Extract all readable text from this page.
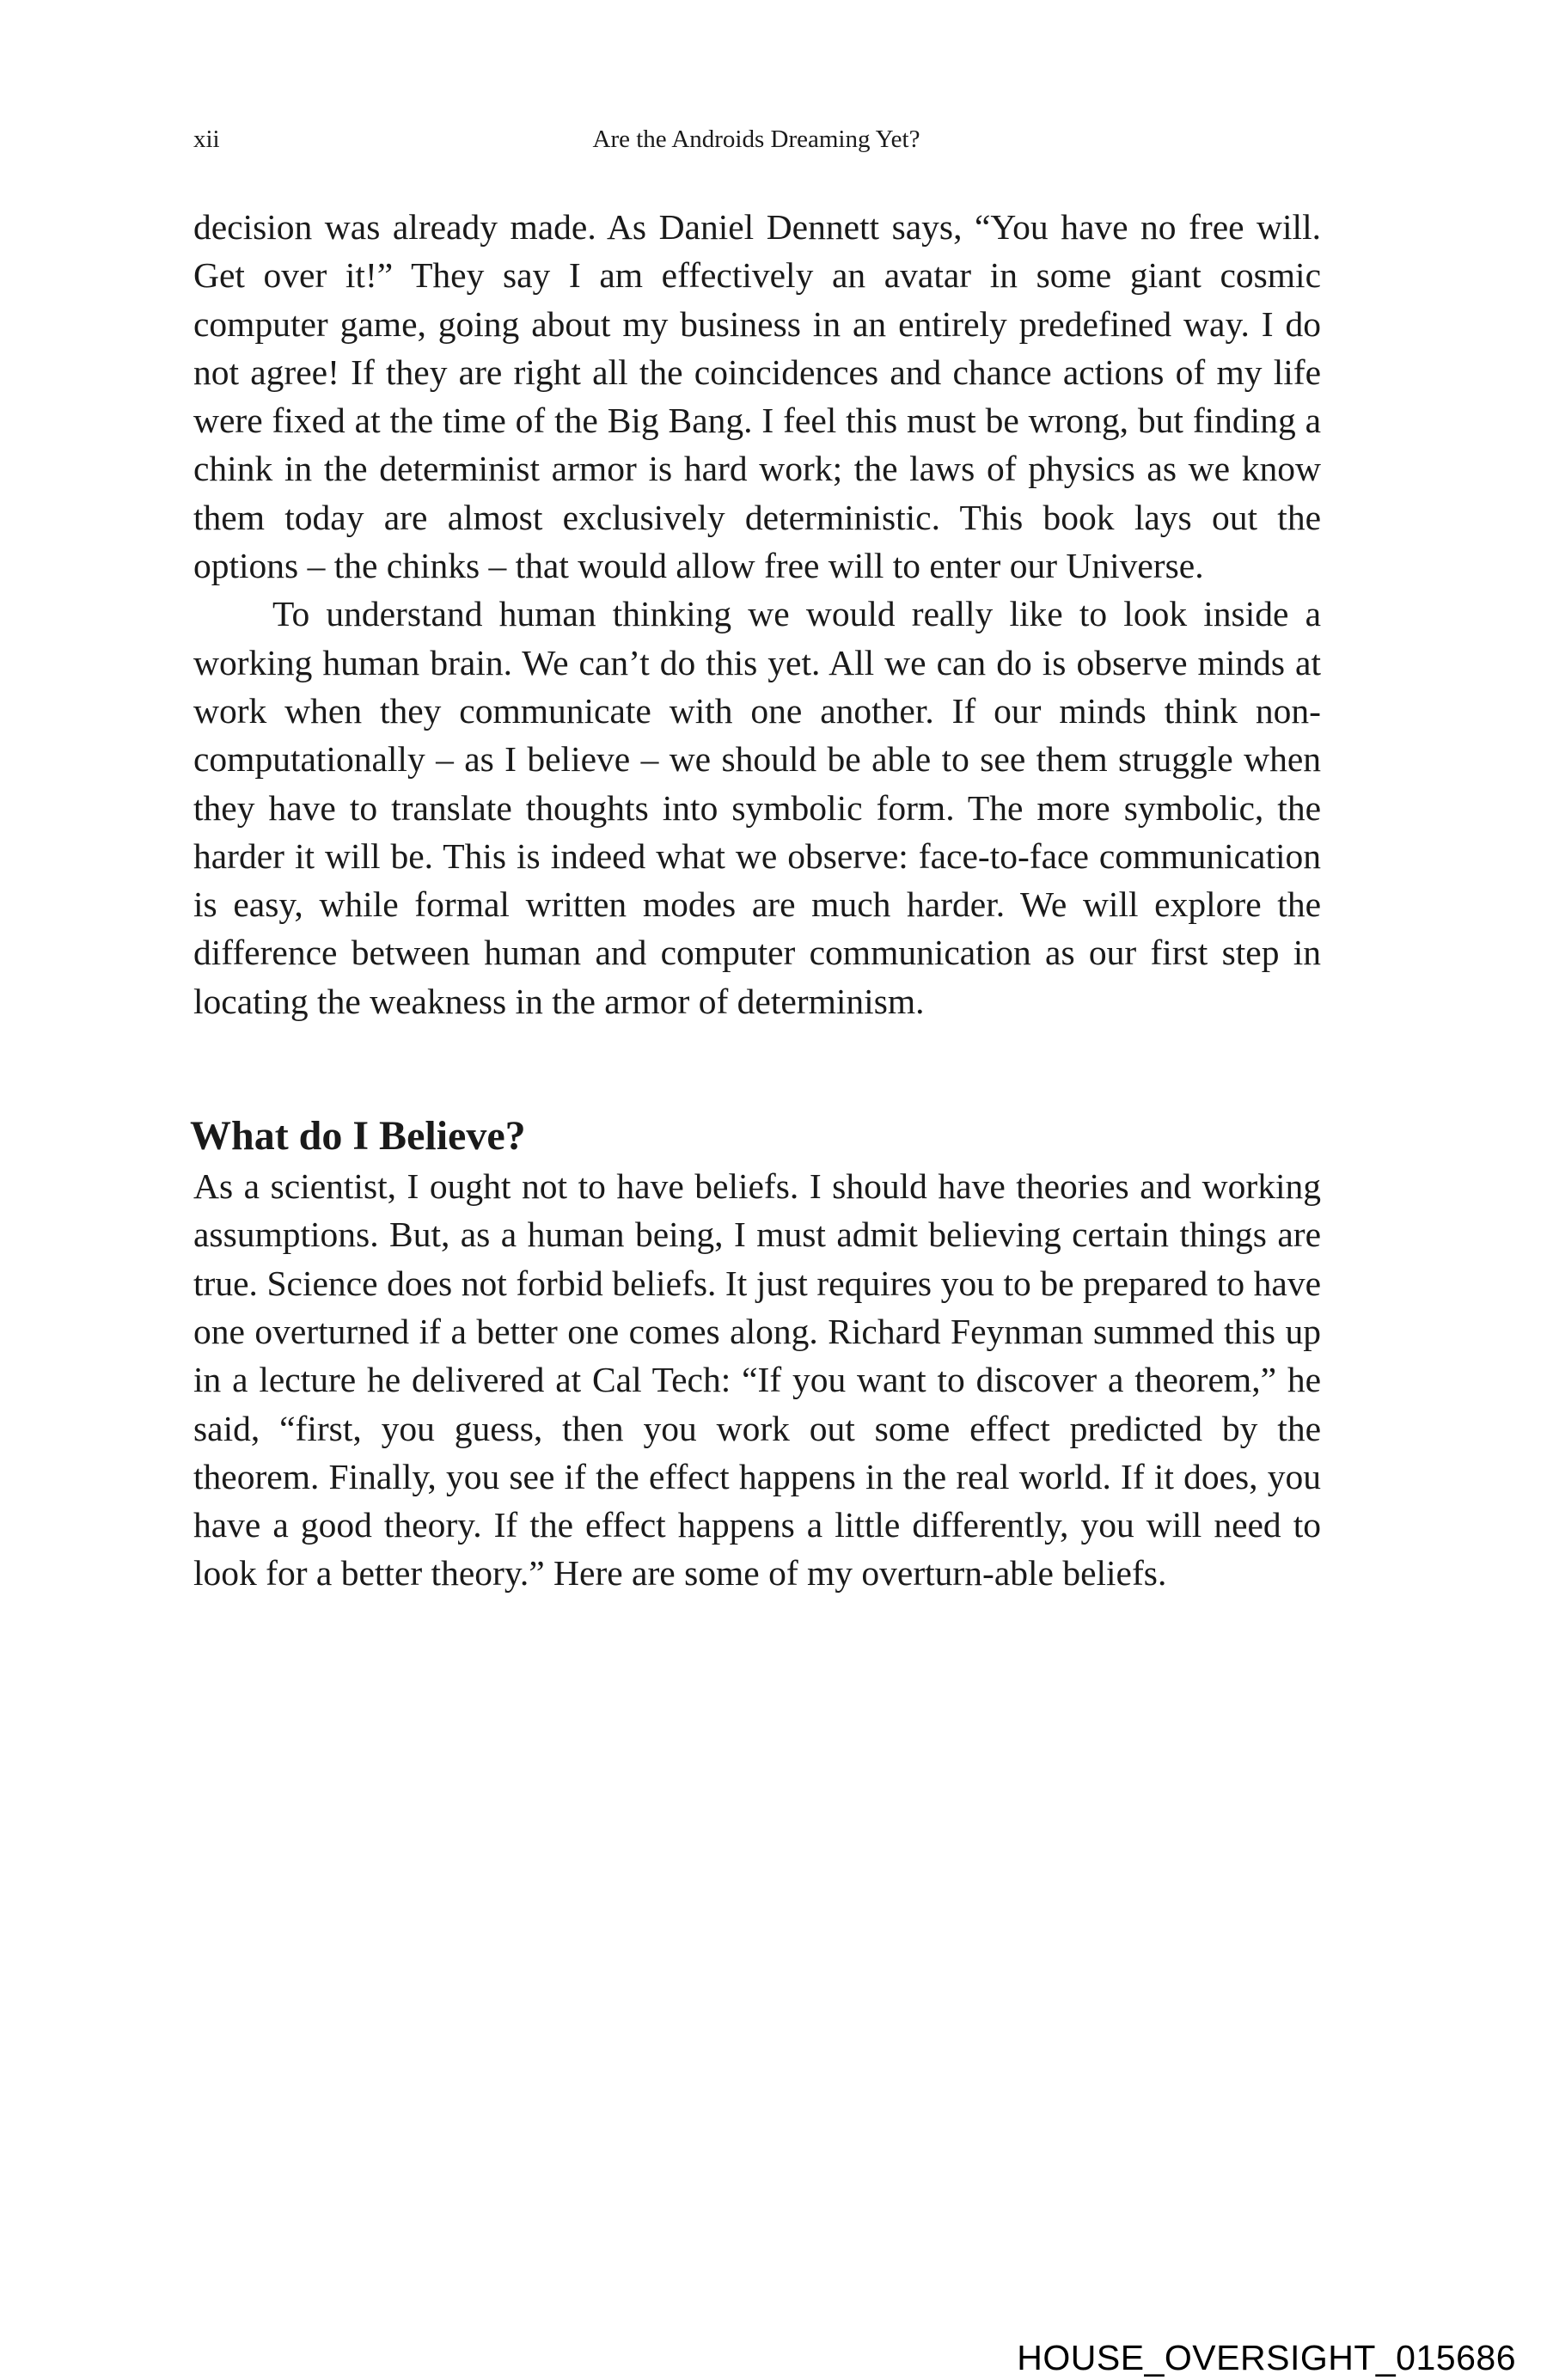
xii	Are the Androids Dreaming Yet?

decision was already made. As Daniel Dennett says, “You have no free will. Get over it!” They say I am effectively an avatar in some giant cosmic computer game, going about my business in an entirely predefined way. I do not agree! If they are right all the coincidences and chance actions of my life were fixed at the time of the Big Bang. I feel this must be wrong, but finding a chink in the determinist armor is hard work; the laws of physics as we know them today are almost exclusively deterministic. This book lays out the options – the chinks – that would allow free will to enter our Universe.

To understand human thinking we would really like to look inside a working human brain. We can’t do this yet. All we can do is observe minds at work when they communicate with one another. If our minds think non-computationally – as I believe – we should be able to see them struggle when they have to translate thoughts into symbolic form. The more symbolic, the harder it will be. This is indeed what we observe: face-to-face communication is easy, while formal written modes are much harder. We will explore the difference between human and computer communication as our first step in locating the weakness in the armor of determinism.

What do I Believe?

As a scientist, I ought not to have beliefs. I should have theories and working assumptions. But, as a human being, I must admit believing certain things are true. Science does not forbid beliefs. It just requires you to be prepared to have one overturned if a better one comes along. Richard Feynman summed this up in a lecture he delivered at Cal Tech: “If you want to discover a theorem,” he said, “first, you guess, then you work out some effect predicted by the theorem. Finally, you see if the effect happens in the real world. If it does, you have a good theory. If the effect happens a little differently, you will need to look for a better theory.” Here are some of my overturn-able beliefs.

HOUSE_OVERSIGHT_015686
